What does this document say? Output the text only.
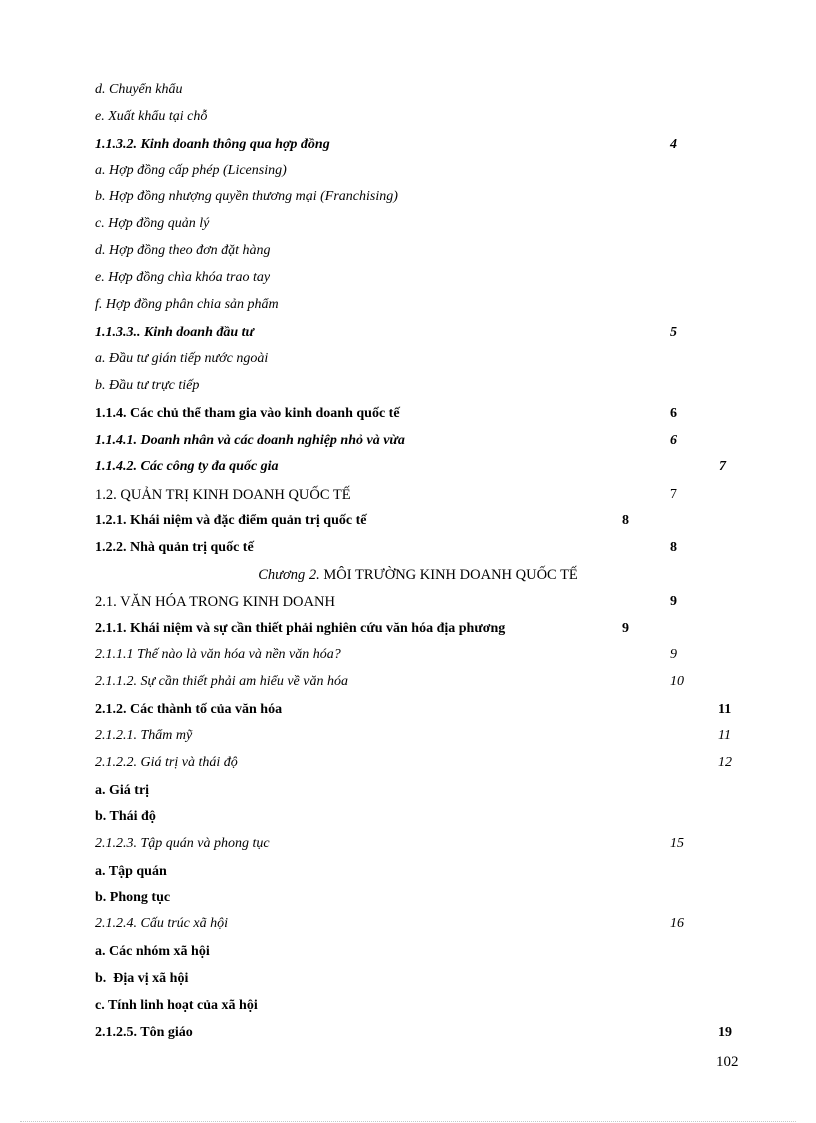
d. Chuyển khẩu
e. Xuất khẩu tại chỗ
1.1.3.2. Kinh doanh thông qua hợp đồng	4
a. Hợp đồng cấp phép (Licensing)
b. Hợp đồng nhượng quyền thương mại (Franchising)
c. Hợp đồng quản lý
d. Hợp đồng theo đơn đặt hàng
e. Hợp đồng chìa khóa trao tay
f. Hợp đồng phân chia sản phẩm
1.1.3.3.. Kinh doanh đầu tư	5
a. Đầu tư gián tiếp nước ngoài
b. Đầu tư trực tiếp
1.1.4. Các chủ thể tham gia vào kinh doanh quốc tế	6
1.1.4.1. Doanh nhân và các doanh nghiệp nhỏ và vừa	6
1.1.4.2. Các công ty đa quốc gia	7
1.2. QUẢN TRỊ KINH DOANH QUỐC TẾ	7
1.2.1. Khái niệm và đặc điểm quản trị quốc tế	8
1.2.2. Nhà quản trị quốc tế	8
Chương 2. MÔI TRƯỜNG KINH DOANH QUỐC TẾ
2.1. VĂN HÓA TRONG KINH DOANH	9
2.1.1. Khái niệm và sự cần thiết phải nghiên cứu văn hóa địa phương	9
2.1.1.1 Thế nào là văn hóa và nền văn hóa?	9
2.1.1.2. Sự cần thiết phải am hiểu về văn hóa	10
2.1.2. Các thành tố của văn hóa	11
2.1.2.1. Thẩm mỹ	11
2.1.2.2. Giá trị và thái độ	12
a. Giá trị
b. Thái độ
2.1.2.3. Tập quán và phong tục	15
a. Tập quán
b. Phong tục
2.1.2.4. Cấu trúc xã hội	16
a. Các nhóm xã hội
b.  Địa vị xã hội
c. Tính linh hoạt của xã hội
2.1.2.5. Tôn giáo	19
102
